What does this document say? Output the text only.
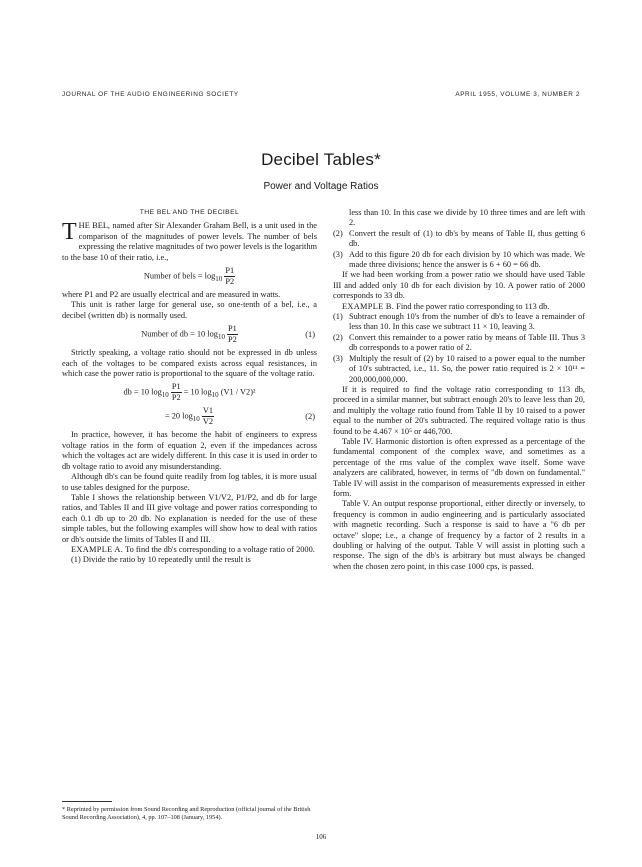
JOURNAL OF THE AUDIO ENGINEERING SOCIETY	APRIL 1955, VOLUME 3, NUMBER 2
Decibel Tables*
Power and Voltage Ratios
THE BEL AND THE DECIBEL

THE BEL, named after Sir Alexander Graham Bell, is a unit used in the comparison of the magnitudes of power levels. The number of bels expressing the relative magnitudes of two power levels is the logarithm to the base 10 of their ratio, i.e.,

Number of bels = $\log_{10} \frac{P1}{P2}$

where P1 and P2 are usually electrical and are measured in watts.

This unit is rather large for general use, so one-tenth of a bel, i.e., a decibel (written db) is normally used.

Number of db = 10 $\log_{10} \frac{P1}{P2}$	(1)

Strictly speaking, a voltage ratio should not be expressed in db unless each of the voltages to be compared exists across equal resistances, in which case the power ratio is proportional to the square of the voltage ratio.

db = 10 $\log_{10} \frac{P1}{P2} = 10$ $\log_{10} (V1 / V2)^2$
= 20 $\log_{10} \frac{V1}{V2}$	(2)

In practice, however, it has become the habit of engineers to express voltage ratios in the form of equation 2, even if the impedances across which the voltages act are widely different. In this case it is used in order to db voltage ratio to avoid any misunderstanding.

Although db's can be found quite readily from log tables, it is more usual to use tables designed for the purpose.

Table I shows the relationship between V1/V2, P1/P2, and db for large ratios, and Tables II and III give voltage and power ratios corresponding to each 0.1 db up to 20 db. No explanation is needed for the use of these simple tables, but the following examples will show how to deal with ratios or db's outside the limits of Tables II and III.

EXAMPLE A. To find the db's corresponding to a voltage ratio of 2000.

(1) Divide the ratio by 10 repeatedly until the result is

less than 10. In this case we divide by 10 three times and are left with 2.

(2) Convert the result of (1) to db's by means of Table II, thus getting 6 db.
(3) Add to this figure 20 db for each division by 10 which was made. We made three divisions; hence the answer is 6 + 60 = 66 db.

If we had been working from a power ratio we should have used Table III and added only 10 db for each division by 10. A power ratio of 2000 corresponds to 33 db.

EXAMPLE B. Find the power ratio corresponding to 113 db.

(1) Subtract enough 10's from the number of db's to leave a remainder of less than 10. In this case we subtract 11 × 10, leaving 3.
(2) Convert this remainder to a power ratio by means of Table III. Thus 3 db corresponds to a power ratio of 2.
(3) Multiply the result of (2) by 10 raised to a power equal to the number of 10's subtracted, i.e., 11. So, the power ratio required is 2 × 10¹¹ = 200,000,000,000.

If it is required to find the voltage ratio corresponding to 113 db, proceed in a similar manner, but subtract enough 20's to leave less than 20, and multiply the voltage ratio found from Table II by 10 raised to a power equal to the number of 20's subtracted. The required voltage ratio is thus found to be 4.467 × 10⁵ or 446,700.

Table IV. Harmonic distortion is often expressed as a percentage of the fundamental component of the complex wave, and sometimes as a percentage of the rms value of the complex wave itself. Some wave analyzers are calibrated, however, in terms of "db down on fundamental." Table IV will assist in the comparison of measurements expressed in either form.

Table V. An output response proportional, either directly or inversely, to frequency is common in audio engineering and is particularly associated with magnetic recording. Such a response is said to have a "6 db per octave" slope; i.e., a change of frequency by a factor of 2 results in a doubling or halving of the output. Table V will assist in plotting such a response. The sign of the db's is arbitrary but must always be changed when the chosen zero point, in this case 1000 cps, is passed.

* Reprinted by permission from Sound Recording and Reproduction (official journal of the British Sound Recording Association), 4, pp. 107–108 (January, 1954).
106
